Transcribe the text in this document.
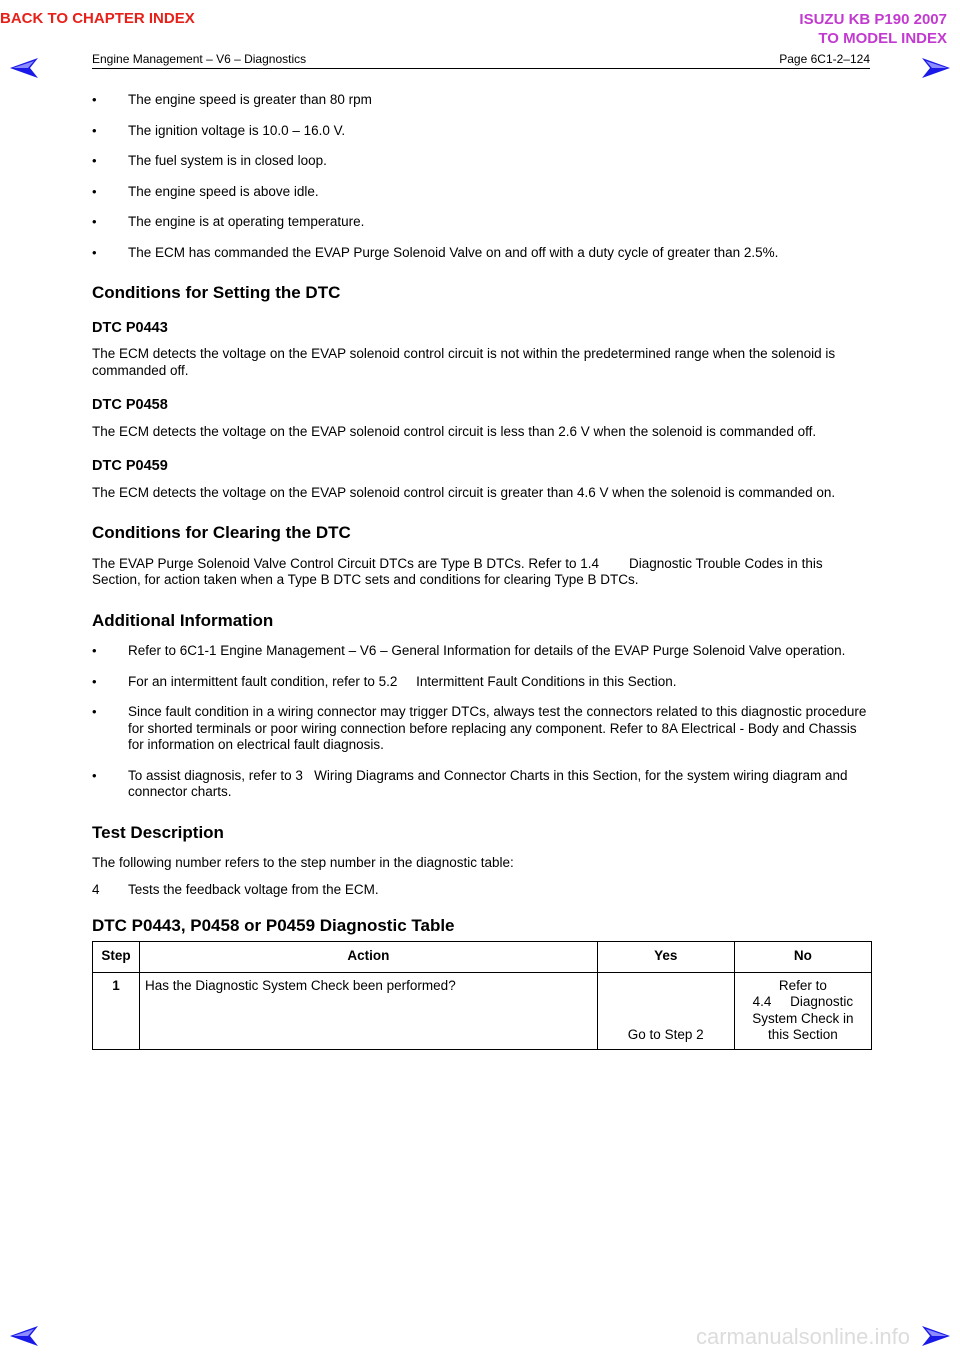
BACK TO CHAPTER INDEX	ISUZU KB P190 2007
TO MODEL INDEX
Engine Management – V6 – Diagnostics	Page 6C1-2–124
• The engine speed is greater than 80 rpm
• The ignition voltage is 10.0 – 16.0 V.
• The fuel system is in closed loop.
• The engine speed is above idle.
• The engine is at operating temperature.
• The ECM has commanded the EVAP Purge Solenoid Valve on and off with a duty cycle of greater than 2.5%.
Conditions for Setting the DTC
DTC P0443

The ECM detects the voltage on the EVAP solenoid control circuit is not within the predetermined range when the solenoid is commanded off.

DTC P0458

The ECM detects the voltage on the EVAP solenoid control circuit is less than 2.6 V when the solenoid is commanded off.

DTC P0459

The ECM detects the voltage on the EVAP solenoid control circuit is greater than 4.6 V when the solenoid is commanded on.

Conditions for Clearing the DTC

The EVAP Purge Solenoid Valve Control Circuit DTCs are Type B DTCs. Refer to 1.4        Diagnostic Trouble Codes in this Section, for action taken when a Type B DTC sets and conditions for clearing Type B DTCs.

Additional Information
• Refer to 6C1-1 Engine Management – V6 – General Information for details of the EVAP Purge Solenoid Valve operation.
• For an intermittent fault condition, refer to 5.2     Intermittent Fault Conditions in this Section.
• Since fault condition in a wiring connector may trigger DTCs, always test the connectors related to this diagnostic procedure for shorted terminals or poor wiring connection before replacing any component. Refer to 8A Electrical - Body and Chassis for information on electrical fault diagnosis.
• To assist diagnosis, refer to 3   Wiring Diagrams and Connector Charts in this Section, for the system wiring diagram and connector charts.
Test Description

The following number refers to the step number in the diagnostic table:

4	Tests the feedback voltage from the ECM.
DTC P0443, P0458 or P0459 Diagnostic Table
Step	Action	Yes	No
1	Has the Diagnostic System Check been performed?	Go to Step 2	Refer to
4.4     Diagnostic
System Check in
this Section
carmanualsonline.info
